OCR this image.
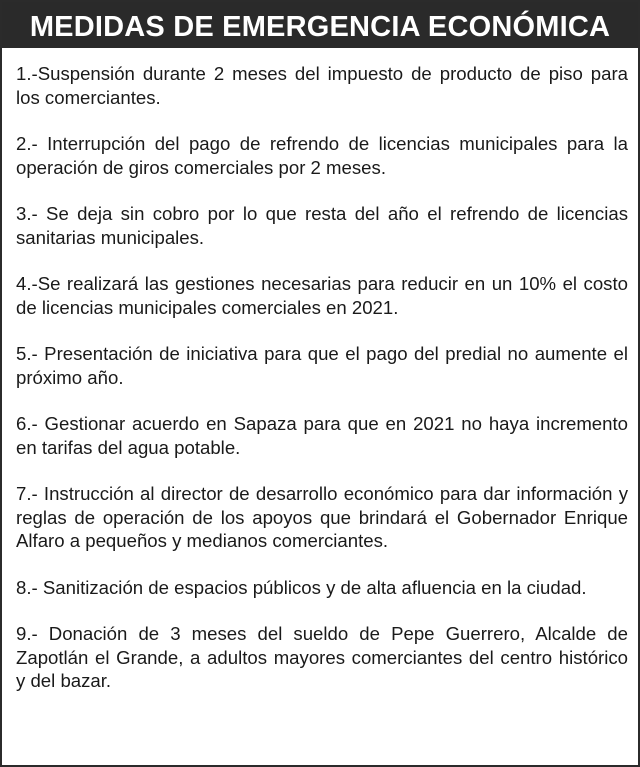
MEDIDAS DE EMERGENCIA ECONÓMICA

1.-Suspensión durante 2 meses del impuesto de producto de piso para los comerciantes.

2.- Interrupción del pago de refrendo de licencias municipales para la operación de giros comerciales por 2 meses.

3.- Se deja sin cobro por lo que resta del año el refrendo de licencias sanitarias municipales.

4.-Se realizará las gestiones necesarias para reducir en un 10% el costo de licencias municipales comerciales en 2021.

5.- Presentación de iniciativa para que el pago del predial no aumente el próximo año.

6.- Gestionar acuerdo en Sapaza para que en 2021 no haya incremento en tarifas del agua potable.

7.- Instrucción al director de desarrollo económico para dar información y reglas de operación de los apoyos que brindará el Gobernador Enrique Alfaro a pequeños y medianos comerciantes.

8.- Sanitización de espacios públicos y de alta afluencia en la ciudad.

9.- Donación de 3 meses del sueldo de Pepe Guerrero, Alcalde de Zapotlán el Grande, a adultos mayores comerciantes del centro histórico y del bazar.
